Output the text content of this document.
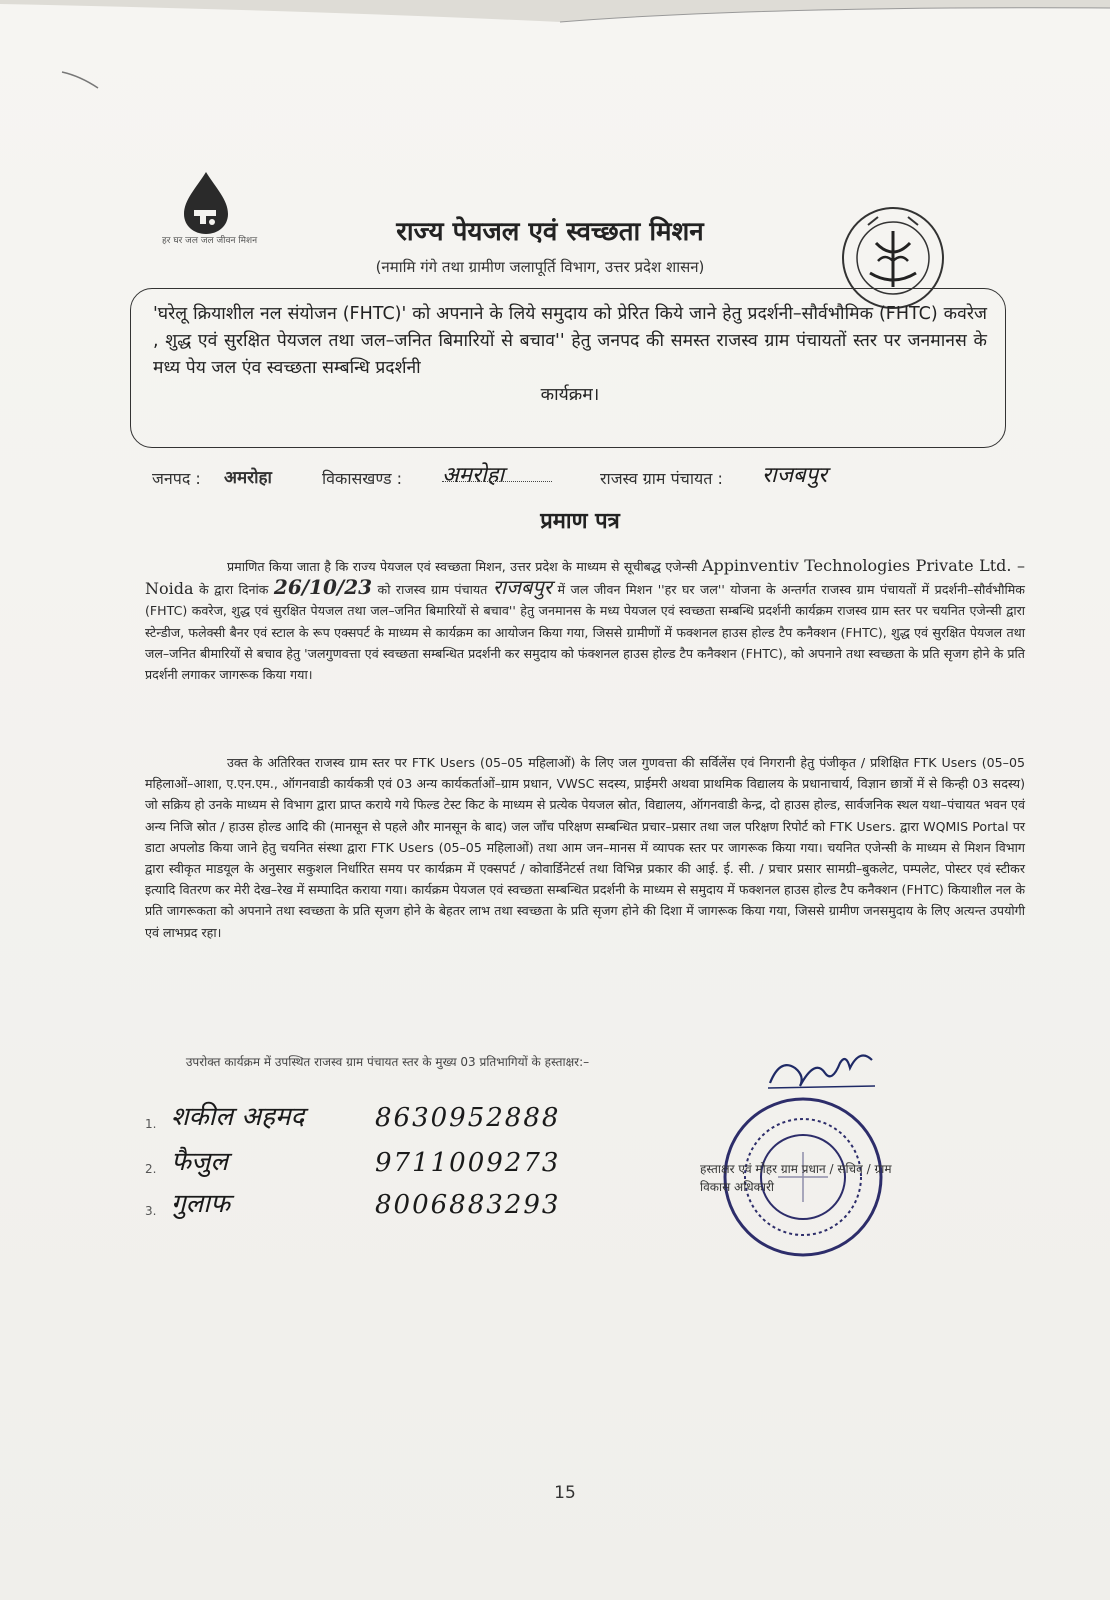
हर घर जल जल जीवन मिशन	राज्य पेयजल एवं स्वच्छता मिशन
(नमामि गंगे तथा ग्रामीण जलापूर्ति विभाग, उत्तर प्रदेश शासन)
'घरेलू क्रियाशील नल संयोजन (FHTC)' को अपनाने के लिये समुदाय को प्रेरित किये जाने हेतु प्रदर्शनी–सौर्वभौमिक (FHTC) कवरेज , शुद्ध एवं सुरक्षित पेयजल तथा जल–जनित बिमारियों से बचाव'' हेतु जनपद की समस्त राजस्व ग्राम पंचायतों स्तर पर जनमानस के मध्य पेय जल एंव स्वच्छता सम्बन्धि प्रदर्शनी
कार्यक्रम।
जनपद : अमरोहा	विकासखण्ड : अमरोहा	राजस्व ग्राम पंचायत : राजबपुर
प्रमाण पत्र
प्रमाणित किया जाता है कि राज्य पेयजल एवं स्वच्छता मिशन, उत्तर प्रदेश के माध्यम से सूचीबद्ध एजेन्सी Appinventiv Technologies Private Ltd. – Noida के द्वारा दिनांक 26/10/23 को राजस्व ग्राम पंचायत राजबपुर में जल जीवन मिशन ''हर घर जल'' योजना के अन्तर्गत राजस्व ग्राम पंचायतों में प्रदर्शनी–सौर्वभौमिक (FHTC) कवरेज, शुद्ध एवं सुरक्षित पेयजल तथा जल–जनित बिमारियों से बचाव'' हेतु जनमानस के मध्य पेयजल एवं स्वच्छता सम्बन्धि प्रदर्शनी कार्यक्रम राजस्व ग्राम स्तर पर चयनित एजेन्सी द्वारा स्टेन्डीज, फलेक्सी बैनर एवं स्टाल के रूप एक्सपर्ट के माध्यम से कार्यक्रम का आयोजन किया गया, जिससे ग्रामीणों में फक्शनल हाउस होल्ड टैप कनैक्शन (FHTC), शुद्ध एवं सुरक्षित पेयजल तथा जल–जनित बीमारियों से बचाव हेतु 'जलगुणवत्ता एवं स्वच्छता सम्बन्धित प्रदर्शनी कर समुदाय को फंक्शनल हाउस होल्ड टैप कनैक्शन (FHTC), को अपनाने तथा स्वच्छता के प्रति सृजग होने के प्रति प्रदर्शनी लगाकर जागरूक किया गया।
उक्त के अतिरिक्त राजस्व ग्राम स्तर पर FTK Users (05–05 महिलाओं) के लिए जल गुणवत्ता की सर्विलेंस एवं निगरानी हेतु पंजीकृत / प्रशिक्षित FTK Users (05–05 महिलाओं–आशा, ए.एन.एम., ऑगनवाडी कार्यकत्री एवं 03 अन्य कार्यकर्ताओं–ग्राम प्रधान, VWSC सदस्य, प्राईमरी अथवा प्राथमिक विद्यालय के प्रधानाचार्य, विज्ञान छात्रों में से किन्ही 03 सदस्य) जो सक्रिय हो उनके माध्यम से विभाग द्वारा प्राप्त कराये गये फिल्ड टेस्ट किट के माध्यम से प्रत्येक पेयजल स्रोत, विद्यालय, ऑगनवाडी केन्द्र, दो हाउस होल्ड, सार्वजनिक स्थल यथा–पंचायत भवन एवं अन्य निजि स्रोत / हाउस होल्ड आदि की (मानसून से पहले और मानसून के बाद) जल जाँच परिक्षण सम्बन्धित प्रचार–प्रसार तथा जल परिक्षण रिपोर्ट को FTK Users. द्वारा WQMIS Portal पर डाटा अपलोड किया जाने हेतु चयनित संस्था द्वारा FTK Users (05–05 महिलाओं) तथा आम जन–मानस में व्यापक स्तर पर जागरूक किया गया। चयनित एजेन्सी के माध्यम से मिशन विभाग द्वारा स्वीकृत माडयूल के अनुसार सकुशल निर्धारित समय पर कार्यक्रम में एक्सपर्ट / कोवार्डिनेटर्स तथा विभिन्न प्रकार की आई. ई. सी. / प्रचार प्रसार सामग्री–बुकलेट, पम्पलेट, पोस्टर एवं स्टीकर इत्यादि वितरण कर मेरी देख–रेख में सम्पादित कराया गया। कार्यक्रम पेयजल एवं स्वच्छता सम्बन्धित प्रदर्शनी के माध्यम से समुदाय में फक्शनल हाउस होल्ड टैप कनैक्शन (FHTC) कियाशील नल के प्रति जागरूकता को अपनाने तथा स्वच्छता के प्रति सृजग होने के बेहतर लाभ तथा स्वच्छता के प्रति सृजग होने की दिशा में जागरूक किया गया, जिससे ग्रामीण जनसमुदाय के लिए अत्यन्त उपयोगी एवं लाभप्रद रहा।
उपरोक्त कार्यक्रम में उपस्थित राजस्व ग्राम पंचायत स्तर के मुख्य 03 प्रतिभागियों के हस्ताक्षर:–
1. शकील अहमद	8630952888
2. फैजुल	9711009273
3. गुलाफ	8006883293
हस्ताक्षर एवं मोहर ग्राम प्रधान / सचिव / ग्राम विकास अधिकारी
15
